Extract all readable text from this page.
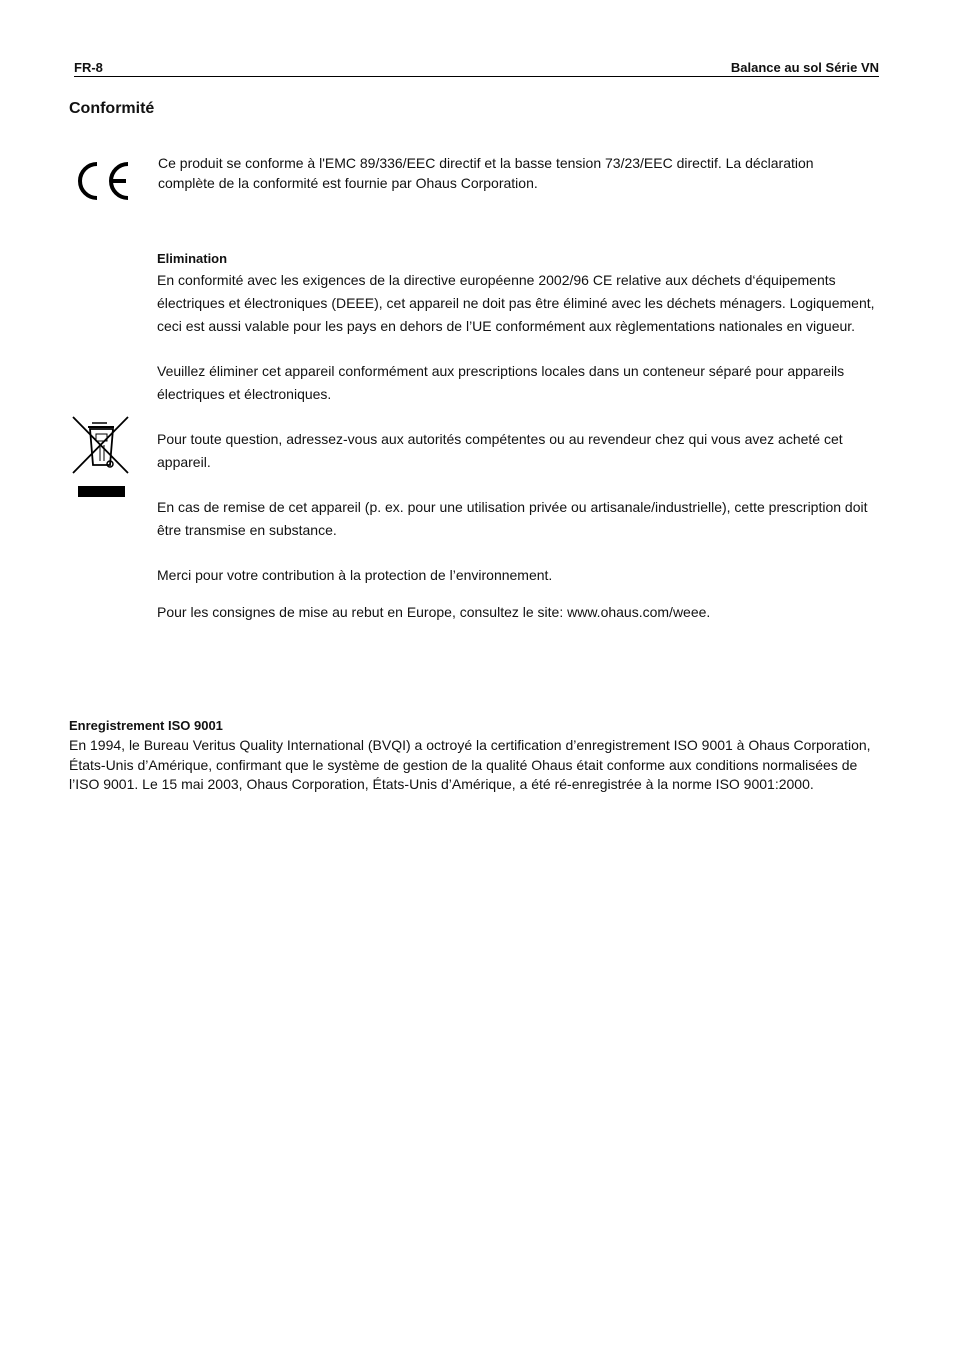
FR-8	Balance au sol Série VN
Conformité
Ce produit se conforme à l'EMC 89/336/EEC directif et la basse tension 73/23/EEC directif. La déclaration complète de la conformité est fournie par Ohaus Corporation.
Elimination

En conformité avec les exigences de la directive européenne 2002/96 CE relative aux déchets d‘équipements électriques et électroniques (DEEE), cet appareil ne doit pas être éliminé avec les déchets ménagers. Logiquement, ceci est aussi valable pour les pays en dehors de l’UE conformément aux règlementations nationales en vigueur.

Veuillez éliminer cet appareil conformément aux prescriptions locales dans un conteneur séparé pour appareils électriques et électroniques.

Pour toute question, adressez-vous aux autorités compétentes ou au revendeur chez qui vous avez acheté cet appareil.

En cas de remise de cet appareil (p. ex. pour une utilisation privée ou artisanale/industrielle), cette prescription doit être transmise en substance.

Merci pour votre contribution à la protection de l’environnement.

Pour les consignes de mise au rebut en Europe, consultez le site: www.ohaus.com/weee.

Enregistrement ISO 9001

En 1994, le Bureau Veritus Quality International (BVQI) a octroyé la certification d’enregistrement ISO 9001 à Ohaus Corporation, États-Unis d’Amérique, confirmant que le système de gestion de la qualité Ohaus était conforme aux conditions normalisées de l’ISO 9001. Le 15 mai 2003, Ohaus Corporation, États-Unis d’Amérique, a été ré-enregistrée à la norme ISO 9001:2000.
